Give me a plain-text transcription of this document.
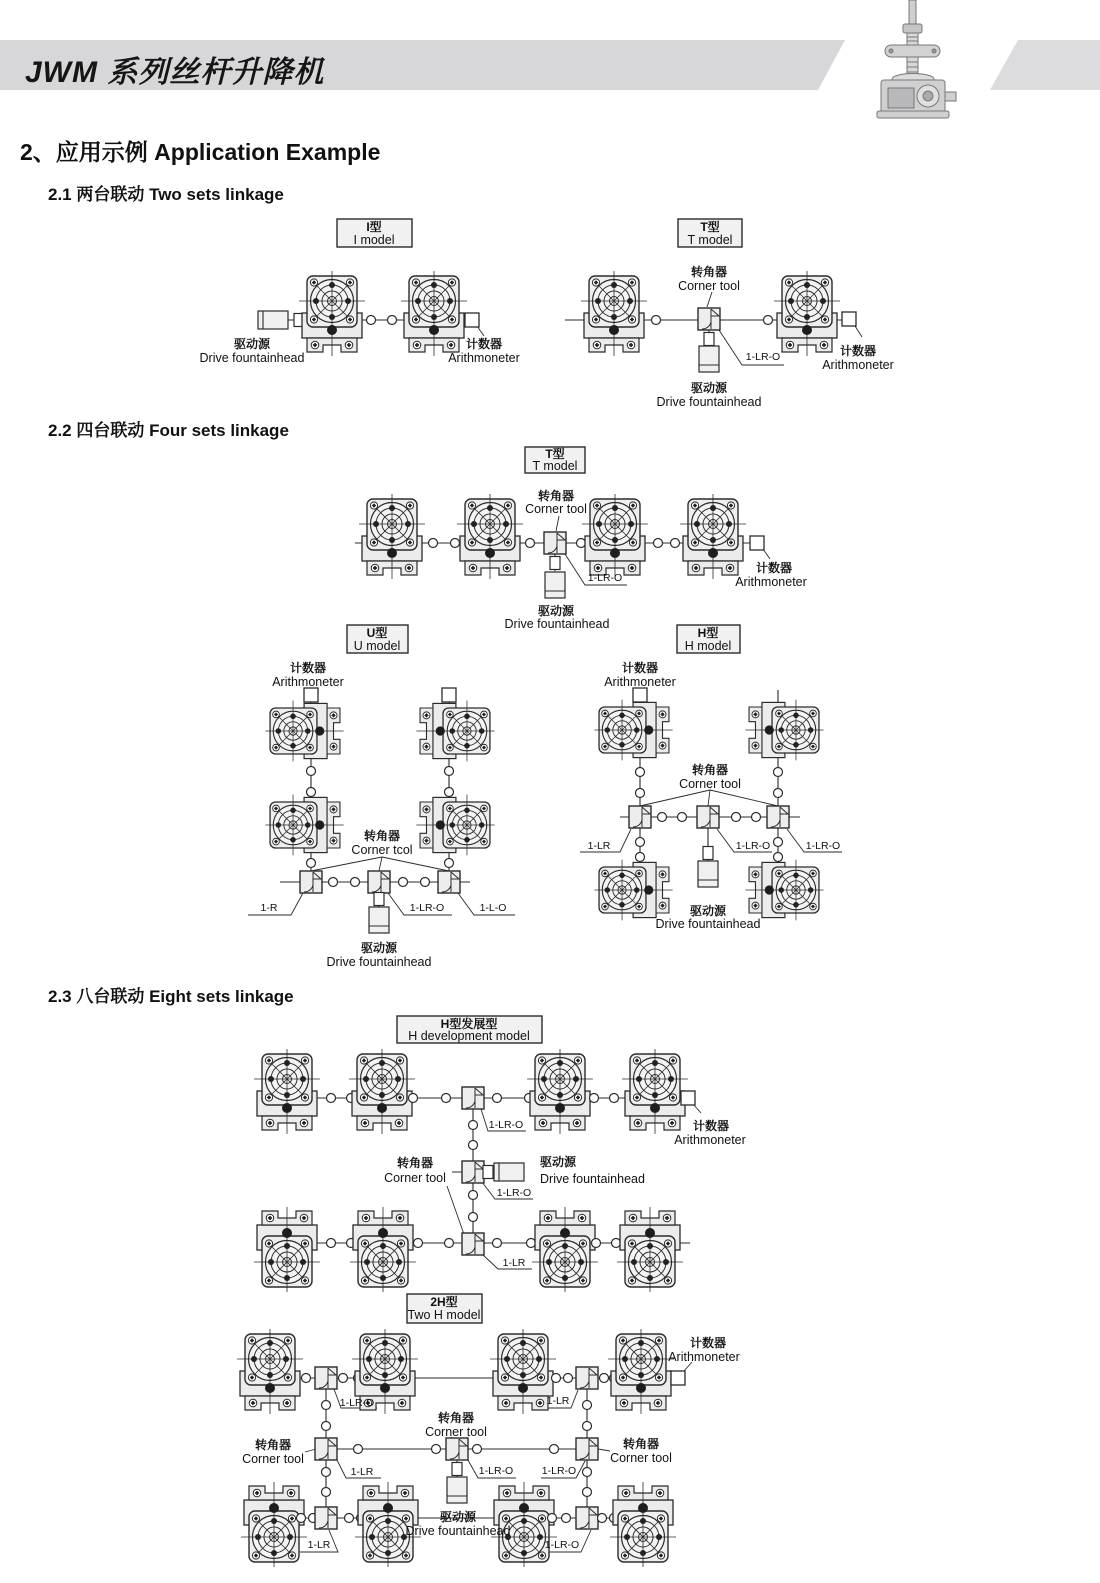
I型
I model
驱动源
Drive fountainhead
计数器
Arithmoneter
T型
T model
转角器
Corner tool
1-LR-O
驱动源
Drive fountainhead
计数器
Arithmoneter
T型
T model
转角器
Corner tool
1-LR-O
驱动源
Drive fountainhead
计数器
Arithmoneter
U型
U model
计数器
Arithmoneter
转角器
Corner tcol
1-R	1-LR-O	1-L-O
驱动源
Drive fountainhead
H型
H model
计数器
Arithmoneter
转角器
Corner tool
1-LR	1-LR-O	1-LR-O
驱动源
Drive fountainhead
H型发展型
H development model
计数器
Arithmoneter
1-LR-O
转角器
Corner tool
驱动源
Drive fountainhead
1-LR-O
1-LR
2H型
Two H model
计数器
Arithmoneter
1-LR-O	1-LR
转角器
Corner tool
转角器
Corner tool
转角器
Corner tool
1-LR	1-LR-O	1-LR-O
驱动源
Drive fountainhead
1-LR	1-LR-O
JWM 系列丝杆升降机
2、应用示例 Application Example
2.1 两台联动 Two sets linkage
2.2 四台联动 Four sets linkage
2.3 八台联动 Eight sets linkage
